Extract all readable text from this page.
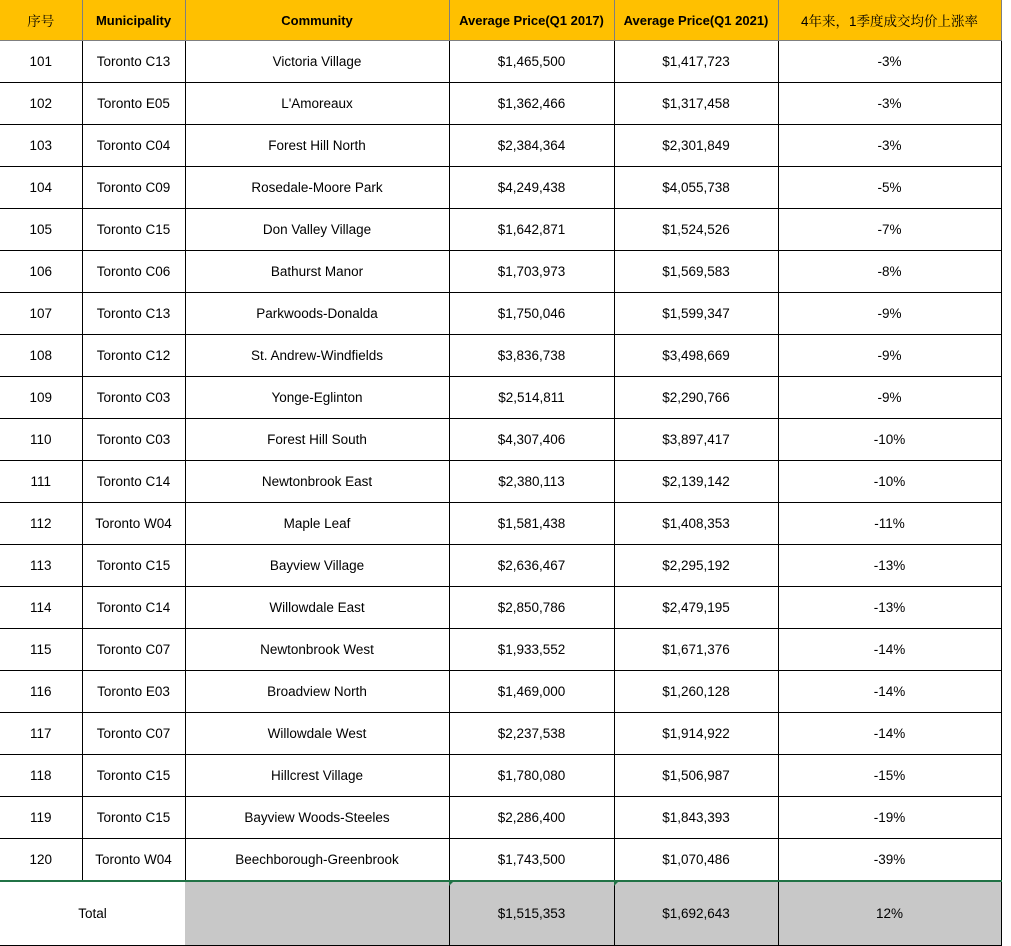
序号	Municipality	Community	Average Price(Q1 2017)	Average Price(Q1 2021)	4年来，1季度成交均价上涨率
101	Toronto C13	Victoria Village	$1,465,500	$1,417,723	-3%
102	Toronto E05	L'Amoreaux	$1,362,466	$1,317,458	-3%
103	Toronto C04	Forest Hill North	$2,384,364	$2,301,849	-3%
104	Toronto C09	Rosedale-Moore Park	$4,249,438	$4,055,738	-5%
105	Toronto C15	Don Valley Village	$1,642,871	$1,524,526	-7%
106	Toronto C06	Bathurst Manor	$1,703,973	$1,569,583	-8%
107	Toronto C13	Parkwoods-Donalda	$1,750,046	$1,599,347	-9%
108	Toronto C12	St. Andrew-Windfields	$3,836,738	$3,498,669	-9%
109	Toronto C03	Yonge-Eglinton	$2,514,811	$2,290,766	-9%
110	Toronto C03	Forest Hill South	$4,307,406	$3,897,417	-10%
111	Toronto C14	Newtonbrook East	$2,380,113	$2,139,142	-10%
112	Toronto W04	Maple Leaf	$1,581,438	$1,408,353	-11%
113	Toronto C15	Bayview Village	$2,636,467	$2,295,192	-13%
114	Toronto C14	Willowdale East	$2,850,786	$2,479,195	-13%
115	Toronto C07	Newtonbrook West	$1,933,552	$1,671,376	-14%
116	Toronto E03	Broadview North	$1,469,000	$1,260,128	-14%
117	Toronto C07	Willowdale West	$2,237,538	$1,914,922	-14%
118	Toronto C15	Hillcrest Village	$1,780,080	$1,506,987	-15%
119	Toronto C15	Bayview Woods-Steeles	$2,286,400	$1,843,393	-19%
120	Toronto W04	Beechborough-Greenbrook	$1,743,500	$1,070,486	-39%
Total			$1,515,353	$1,692,643	12%
